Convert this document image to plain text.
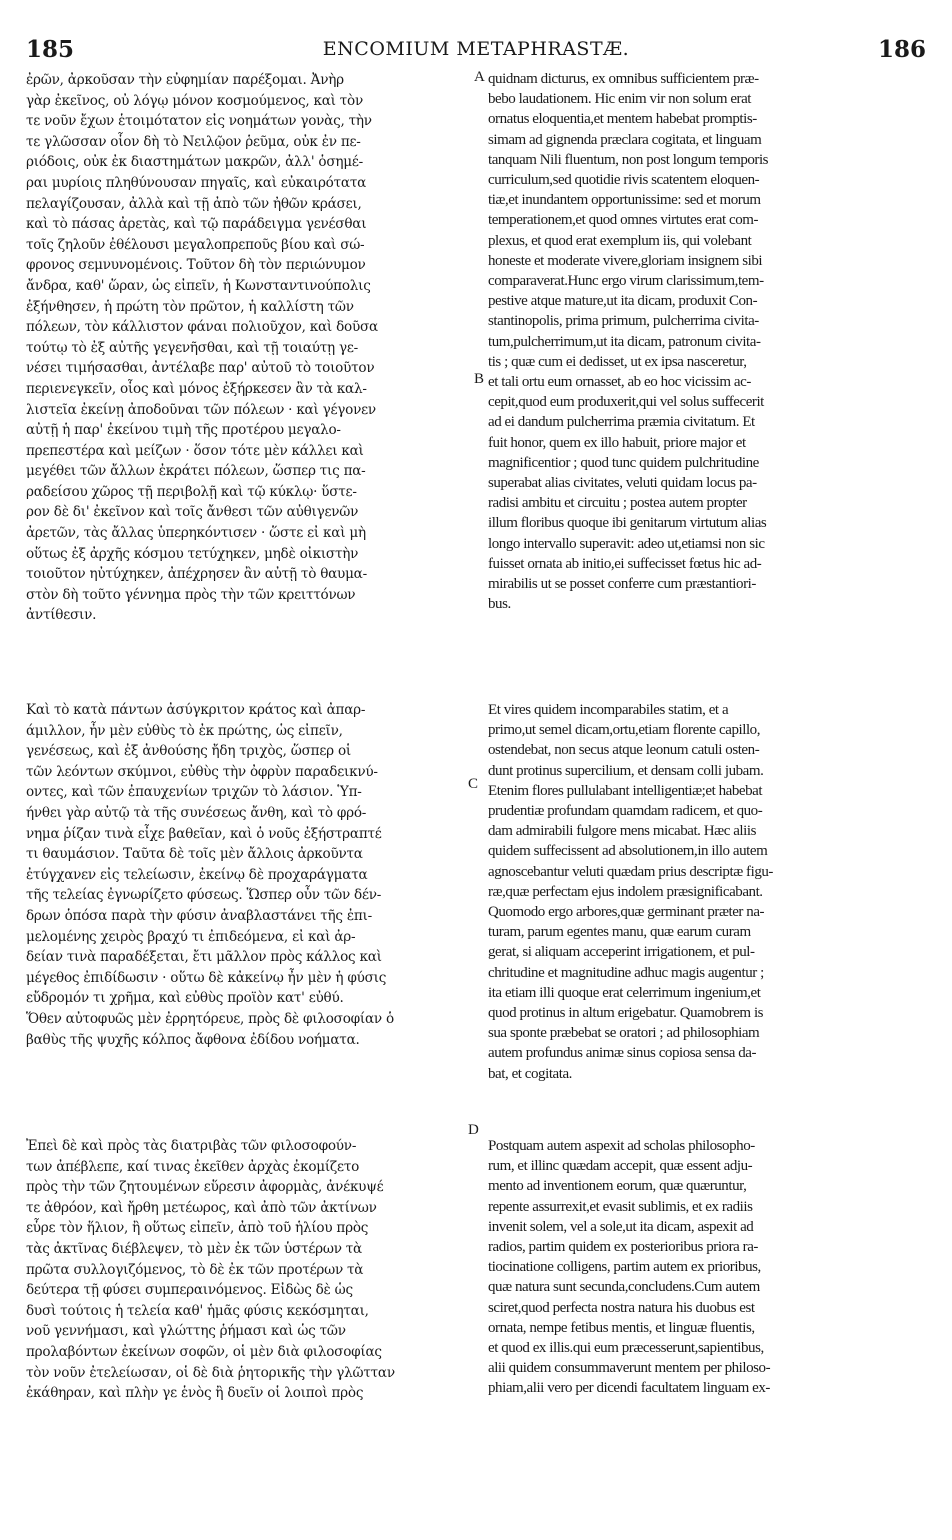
185	ENCOMIUM METAPHRASTÆ.	186
ἐρῶν, ἀρκοῦσαν τὴν εὐφημίαν παρέξομαι. Ἀνὴρ
γὰρ ἐκεῖνος, οὐ λόγῳ μόνον κοσμούμενος, καὶ τὸν
τε νοῦν ἔχων ἑτοιμότατον εἰς νοημάτων γονὰς, τὴν
τε γλῶσσαν οἷον δὴ τὸ Νειλῷον ῥεῦμα, οὐκ ἐν πε-
ριόδοις, οὐκ ἐκ διαστημάτων μακρῶν, ἀλλ' ὁσημέ-
ραι μυρίοις πληθύνουσαν πηγαῖς, καὶ εὐκαιρότατα
πελαγίζουσαν, ἀλλὰ καὶ τῇ ἀπὸ τῶν ἠθῶν κράσει,
καὶ τὸ πάσας ἀρετὰς, καὶ τῷ παράδειγμα γενέσθαι
τοῖς ζηλοῦν ἐθέλουσι μεγαλοπρεποῦς βίου καὶ σώ-
φρονος σεμνυνομένοις. Τοῦτον δὴ τὸν περιώνυμον
ἄνδρα, καθ' ὥραν, ὡς εἰπεῖν, ἡ Κωνσταντινούπολις
ἐξήνθησεν, ἡ πρώτη τὸν πρῶτον, ἡ καλλίστη τῶν
πόλεων, τὸν κάλλιστον φάναι πολιοῦχον, καὶ δοῦσα
τούτῳ τὸ ἐξ αὐτῆς γεγενῆσθαι, καὶ τῇ τοιαύτῃ γε-
νέσει τιμήσασθαι, ἀντέλαβε παρ' αὐτοῦ τὸ τοιοῦτον
περιενεγκεῖν, οἷος καὶ μόνος ἐξήρκεσεν ἂν τὰ καλ-
λιστεῖα ἐκείνῃ ἀποδοῦναι τῶν πόλεων · καὶ γέγονεν
αὐτῇ ἡ παρ' ἐκείνου τιμὴ τῆς προτέρου μεγαλο-
πρεπεστέρα καὶ μείζων · ὅσον τότε μὲν κάλλει καὶ
μεγέθει τῶν ἄλλων ἐκράτει πόλεων, ὥσπερ τις πα-
ραδείσου χῶρος τῇ περιβολῇ καὶ τῷ κύκλῳ· ὕστε-
ρον δὲ δι' ἐκεῖνον καὶ τοῖς ἄνθεσι τῶν αὐθιγενῶν
ἀρετῶν, τὰς ἄλλας ὑπερηκόντισεν · ὥστε εἰ καὶ μὴ
οὕτως ἐξ ἀρχῆς κόσμου τετύχηκεν, μηδὲ οἰκιστὴν
τοιοῦτον ηὐτύχηκεν, ἀπέχρησεν ἂν αὐτῇ τὸ θαυμα-
στὸν δὴ τοῦτο γέννημα πρὸς τὴν τῶν κρειττόνων
ἀντίθεσιν.
Καὶ τὸ κατὰ πάντων ἀσύγκριτον κράτος καὶ ἀπαρ-
άμιλλον, ἦν μὲν εὐθὺς τὸ ἐκ πρώτης, ὡς εἰπεῖν,
γενέσεως, καὶ ἐξ ἀνθούσης ἤδη τριχὸς, ὥσπερ οἱ
τῶν λεόντων σκύμνοι, εὐθὺς τὴν ὀφρὺν παραδεικνύ-
οντες, καὶ τῶν ἐπαυχενίων τριχῶν τὸ λάσιον. Ὑπ-
ήνθει γὰρ αὐτῷ τὰ τῆς συνέσεως ἄνθη, καὶ τὸ φρό-
νημα ῥίζαν τινὰ εἶχε βαθεῖαν, καὶ ὁ νοῦς ἐξήστραπτέ
τι θαυμάσιον. Ταῦτα δὲ τοῖς μὲν ἄλλοις ἀρκοῦντα
ἐτύγχανεν εἰς τελείωσιν, ἐκείνῳ δὲ προχαράγματα
τῆς τελείας ἐγνωρίζετο φύσεως. Ὥσπερ οὖν τῶν δέν-
δρων ὁπόσα παρὰ τὴν φύσιν ἀναβλαστάνει τῆς ἐπι-
μελομένης χειρὸς βραχύ τι ἐπιδεόμενα, εἰ καὶ ἀρ-
δείαν τινὰ παραδέξεται, ἔτι μᾶλλον πρὸς κάλλος καὶ
μέγεθος ἐπιδίδωσιν · οὕτω δὲ κἀκείνῳ ἦν μὲν ἡ φύσις
εὔδρομόν τι χρῆμα, καὶ εὐθὺς προϊὸν κατ' εὐθύ.
Ὅθεν αὐτοφυῶς μὲν ἐρρητόρευε, πρὸς δὲ φιλοσοφίαν ὁ
βαθὺς τῆς ψυχῆς κόλπος ἄφθονα ἐδίδου νοήματα.
Ἐπεὶ δὲ καὶ πρὸς τὰς διατριβὰς τῶν φιλοσοφούν-
των ἀπέβλεπε, καί τινας ἐκεῖθεν ἀρχὰς ἐκομίζετο
πρὸς τὴν τῶν ζητουμένων εὕρεσιν ἀφορμὰς, ἀνέκυψέ
τε ἀθρόον, καὶ ἤρθη μετέωρος, καὶ ἀπὸ τῶν ἀκτίνων
εὗρε τὸν ἥλιον, ἢ οὕτως εἰπεῖν, ἀπὸ τοῦ ἡλίου πρὸς
τὰς ἀκτῖνας διέβλεψεν, τὸ μὲν ἐκ τῶν ὑστέρων τὰ
πρῶτα συλλογιζόμενος, τὸ δὲ ἐκ τῶν προτέρων τὰ
δεύτερα τῇ φύσει συμπεραινόμενος. Εἰδὼς δὲ ὡς
δυσὶ τούτοις ἡ τελεία καθ' ἡμᾶς φύσις κεκόσμηται,
νοῦ γεννήμασι, καὶ γλώττης ῥήμασι καὶ ὡς τῶν
προλαβόντων ἐκείνων σοφῶν, οἱ μὲν διὰ φιλοσοφίας
τὸν νοῦν ἐτελείωσαν, οἱ δὲ διὰ ῥητορικῆς τὴν γλῶτταν
ἐκάθηραν, καὶ πλὴν γε ἑνὸς ἢ δυεῖν οἱ λοιποὶ πρὸς
quidnam dicturus, ex omnibus sufficientem præ-
bebo laudationem. Hic enim vir non solum erat
ornatus eloquentia,et mentem habebat promptis-
simam ad gignenda præclara cogitata, et linguam
tanquam Nili fluentum, non post longum temporis
curriculum,sed quotidie rivis scatentem eloquen-
tiæ,et inundantem opportunissime: sed et morum
temperationem,et quod omnes virtutes erat com-
plexus, et quod erat exemplum iis, qui volebant
honeste et moderate vivere,gloriam insignem sibi
comparaverat.Hunc ergo virum clarissimum,tem-
pestive atque mature,ut ita dicam, produxit Con-
stantinopolis, prima primum, pulcherrima civita-
tum,pulcherrimum,ut ita dicam, patronum civita-
tis ; quæ cum ei dedisset, ut ex ipsa nasceretur,
et tali ortu eum ornasset, ab eo hoc vicissim ac-
cepit,quod eum produxerit,qui vel solus suffecerit
ad ei dandum pulcherrima præmia civitatum. Et
fuit honor, quem ex illo habuit, priore major et
magnificentior ; quod tunc quidem pulchritudine
superabat alias civitates, veluti quidam locus pa-
radisi ambitu et circuitu ; postea autem propter
illum floribus quoque ibi genitarum virtutum alias
longo intervallo superavit: adeo ut,etiamsi non sic
fuisset ornata ab initio,ei suffecisset fœtus hic ad-
mirabilis ut se posset conferre cum præstantiori-
bus.
Et vires quidem incomparabiles statim, et a
primo,ut semel dicam,ortu,etiam florente capillo,
ostendebat, non secus atque leonum catuli osten-
dunt protinus supercilium, et densam colli jubam.
Etenim flores pullulabant intelligentiæ;et habebat
prudentiæ profundam quamdam radicem, et quo-
dam admirabili fulgore mens micabat. Hæc aliis
quidem suffecissent ad absolutionem,in illo autem
agnoscebantur veluti quædam prius descriptæ figu-
ræ,quæ perfectam ejus indolem præsignificabant.
Quomodo ergo arbores,quæ germinant præter na-
turam, parum egentes manu, quæ earum curam
gerat, si aliquam acceperint irrigationem, et pul-
chritudine et magnitudine adhuc magis augentur ;
ita etiam illi quoque erat celerrimum ingenium,et
quod protinus in altum erigebatur. Quamobrem is
sua sponte præbebat se oratori ; ad philosophiam
autem profundus animæ sinus copiosa sensa da-
bat, et cogitata.
Postquam autem aspexit ad scholas philosopho-
rum, et illinc quædam accepit, quæ essent adju-
mento ad inventionem eorum, quæ quæruntur,
repente assurrexit,et evasit sublimis, et ex radiis
invenit solem, vel a sole,ut ita dicam, aspexit ad
radios, partim quidem ex posterioribus priora ra-
tiocinatione colligens, partim autem ex prioribus,
quæ natura sunt secunda,concludens.Cum autem
sciret,quod perfecta nostra natura his duobus est
ornata, nempe fetibus mentis, et linguæ fluentis,
et quod ex illis.qui eum præcesserunt,sapientibus,
alii quidem consummaverunt mentem per philoso-
phiam,alii vero per dicendi facultatem linguam ex-
A
B
C
D
